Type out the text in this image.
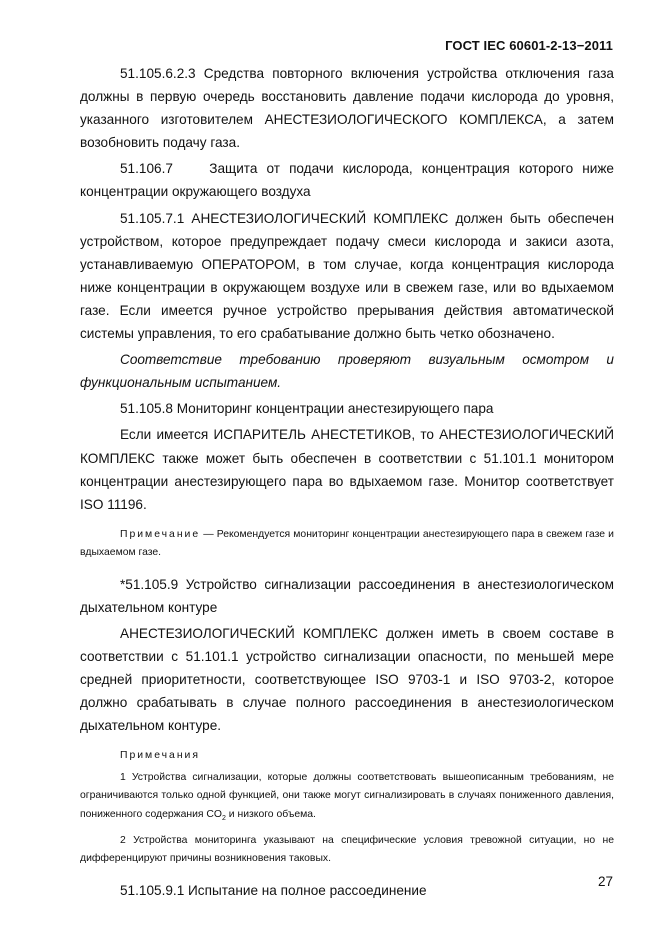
ГОСТ IEC 60601-2-13−2011

51.105.6.2.3 Средства повторного включения устройства отключения газа должны в первую очередь восстановить давление подачи кислорода до уровня, указанного изготовителем АНЕСТЕЗИОЛОГИЧЕСКОГО КОМПЛЕКСА, а затем возобновить подачу газа.

51.106.7    Защита от подачи кислорода, концентрация которого ниже концентрации окружающего воздуха

51.105.7.1 АНЕСТЕЗИОЛОГИЧЕСКИЙ КОМПЛЕКС должен быть обеспечен устройством, которое предупреждает подачу смеси кислорода и закиси азота, устанавливаемую ОПЕРАТОРОМ, в том случае, когда концентрация кислорода ниже концентрации в окружающем воздухе или в свежем газе, или во вдыхаемом газе. Если имеется ручное устройство прерывания действия автоматической системы управления, то его срабатывание должно быть четко обозначено.

Соответствие требованию проверяют визуальным осмотром и функциональным испытанием.

51.105.8 Мониторинг концентрации анестезирующего пара

Если имеется ИСПАРИТЕЛЬ АНЕСТЕТИКОВ, то АНЕСТЕЗИОЛОГИЧЕСКИЙ КОМПЛЕКС также может быть обеспечен в соответствии с 51.101.1 монитором концентрации анестезирующего пара во вдыхаемом газе. Монитор соответствует ISO 11196.

Примечание — Рекомендуется мониторинг концентрации анестезирующего пара в свежем газе и вдыхаемом газе.

*51.105.9 Устройство сигнализации рассоединения в анестезиологическом дыхательном контуре

АНЕСТЕЗИОЛОГИЧЕСКИЙ КОМПЛЕКС должен иметь в своем составе в соответствии с 51.101.1 устройство сигнализации опасности, по меньшей мере средней приоритетности, соответствующее ISO 9703-1 и ISO 9703-2, которое должно срабатывать в случае полного рассоединения в анестезиологическом дыхательном контуре.

Примечания

1 Устройства сигнализации, которые должны соответствовать вышеописанным требованиям, не ограничиваются только одной функцией, они также могут сигнализировать в случаях пониженного давления, пониженного содержания $CO_2$ и низкого объема.

2 Устройства мониторинга указывают на специфические условия тревожной ситуации, но не дифференцируют причины возникновения таковых.

51.105.9.1 Испытание на полное рассоединение

27
